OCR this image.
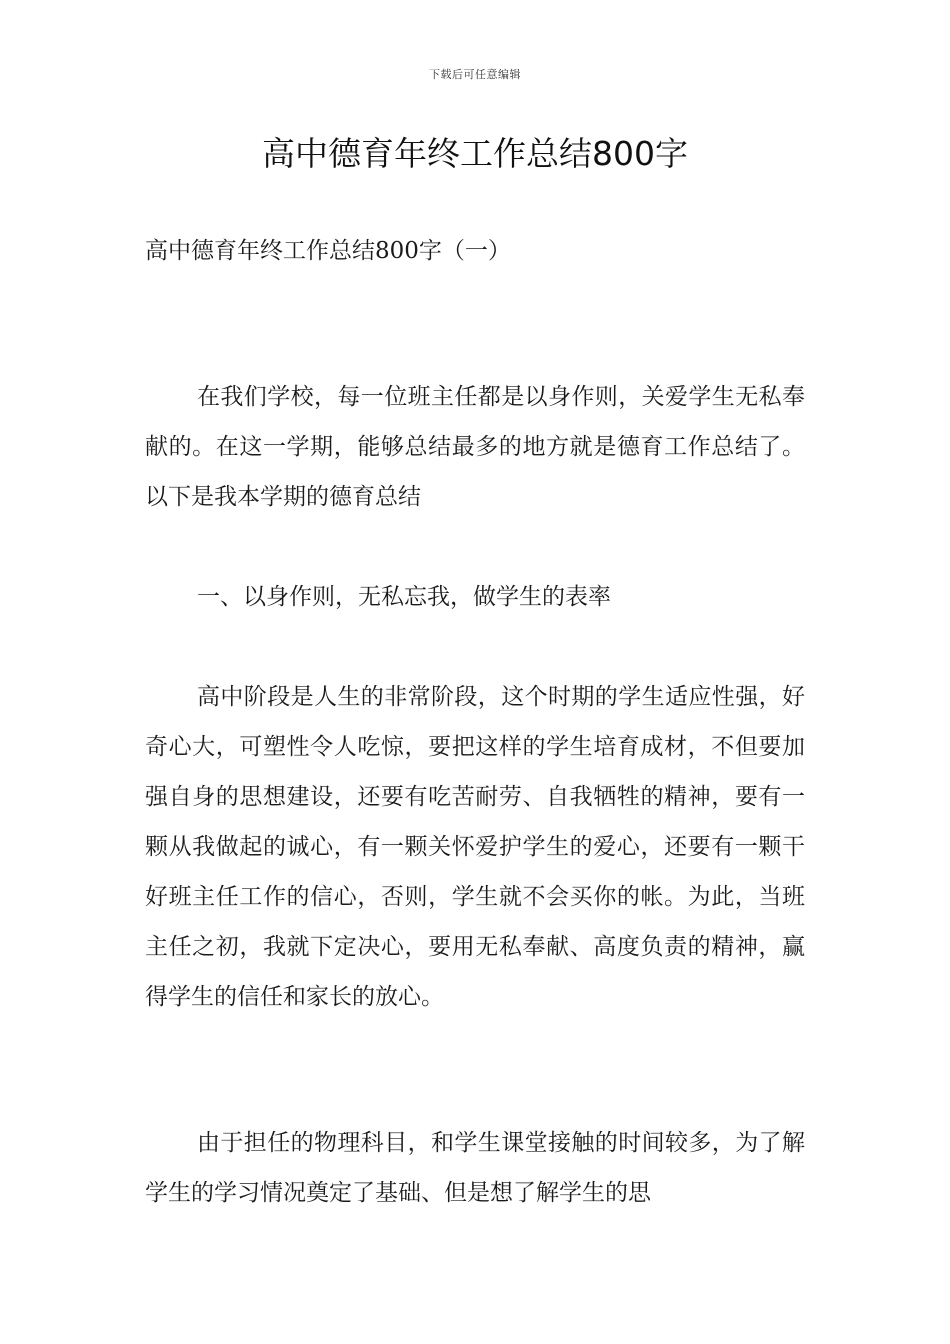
下载后可任意编辑
高中德育年终工作总结800字

高中德育年终工作总结800字（一）

在我们学校，每一位班主任都是以身作则，关爱学生无私奉献的。在这一学期，能够总结最多的地方就是德育工作总结了。以下是我本学期的德育总结

一、以身作则，无私忘我，做学生的表率

高中阶段是人生的非常阶段，这个时期的学生适应性强，好奇心大，可塑性令人吃惊，要把这样的学生培育成材，不但要加强自身的思想建设，还要有吃苦耐劳、自我牺牲的精神，要有一颗从我做起的诚心，有一颗关怀爱护学生的爱心，还要有一颗干好班主任工作的信心，否则，学生就不会买你的帐。为此，当班主任之初，我就下定决心，要用无私奉献、高度负责的精神，赢得学生的信任和家长的放心。

由于担任的物理科目，和学生课堂接触的时间较多，为了解学生的学习情况奠定了基础、但是想了解学生的思
